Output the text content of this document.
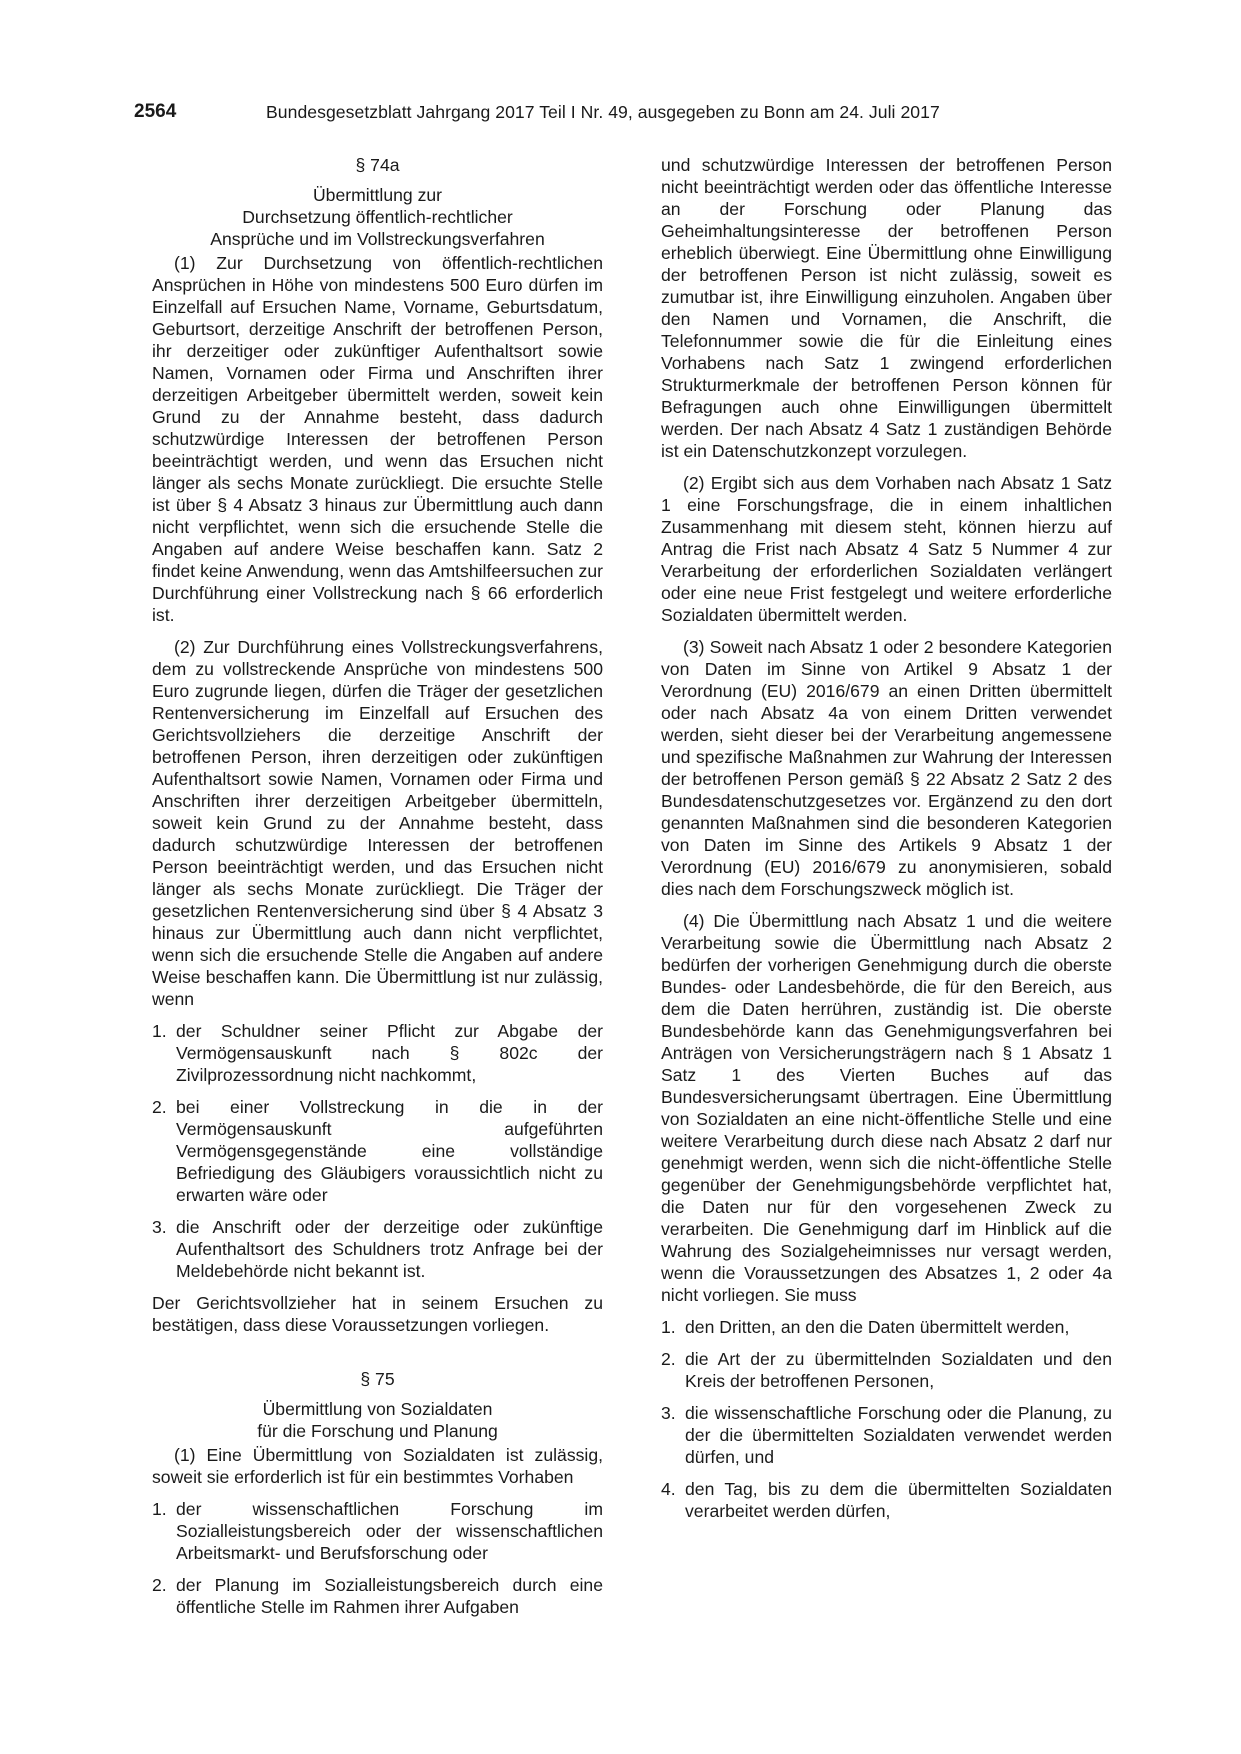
2564	Bundesgesetzblatt Jahrgang 2017 Teil I Nr. 49, ausgegeben zu Bonn am 24. Juli 2017
§ 74a
Übermittlung zur
Durchsetzung öffentlich-rechtlicher
Ansprüche und im Vollstreckungsverfahren

(1) Zur Durchsetzung von öffentlich-rechtlichen Ansprüchen in Höhe von mindestens 500 Euro dürfen im Einzelfall auf Ersuchen Name, Vorname, Geburtsdatum, Geburtsort, derzeitige Anschrift der betroffenen Person, ihr derzeitiger oder zukünftiger Aufenthaltsort sowie Namen, Vornamen oder Firma und Anschriften ihrer derzeitigen Arbeitgeber übermittelt werden, soweit kein Grund zu der Annahme besteht, dass dadurch schutzwürdige Interessen der betroffenen Person beeinträchtigt werden, und wenn das Ersuchen nicht länger als sechs Monate zurückliegt. Die ersuchte Stelle ist über § 4 Absatz 3 hinaus zur Übermittlung auch dann nicht verpflichtet, wenn sich die ersuchende Stelle die Angaben auf andere Weise beschaffen kann. Satz 2 findet keine Anwendung, wenn das Amtshilfeersuchen zur Durchführung einer Vollstreckung nach § 66 erforderlich ist.

(2) Zur Durchführung eines Vollstreckungsverfahrens, dem zu vollstreckende Ansprüche von mindestens 500 Euro zugrunde liegen, dürfen die Träger der gesetzlichen Rentenversicherung im Einzelfall auf Ersuchen des Gerichtsvollziehers die derzeitige Anschrift der betroffenen Person, ihren derzeitigen oder zukünftigen Aufenthaltsort sowie Namen, Vornamen oder Firma und Anschriften ihrer derzeitigen Arbeitgeber übermitteln, soweit kein Grund zu der Annahme besteht, dass dadurch schutzwürdige Interessen der betroffenen Person beeinträchtigt werden, und das Ersuchen nicht länger als sechs Monate zurückliegt. Die Träger der gesetzlichen Rentenversicherung sind über § 4 Absatz 3 hinaus zur Übermittlung auch dann nicht verpflichtet, wenn sich die ersuchende Stelle die Angaben auf andere Weise beschaffen kann. Die Übermittlung ist nur zulässig, wenn

1. der Schuldner seiner Pflicht zur Abgabe der Vermögensauskunft nach § 802c der Zivilprozessordnung nicht nachkommt,
2. bei einer Vollstreckung in die in der Vermögensauskunft aufgeführten Vermögensgegenstände eine vollständige Befriedigung des Gläubigers voraussichtlich nicht zu erwarten wäre oder
3. die Anschrift oder der derzeitige oder zukünftige Aufenthaltsort des Schuldners trotz Anfrage bei der Meldebehörde nicht bekannt ist.

Der Gerichtsvollzieher hat in seinem Ersuchen zu bestätigen, dass diese Voraussetzungen vorliegen.

§ 75
Übermittlung von Sozialdaten
für die Forschung und Planung

(1) Eine Übermittlung von Sozialdaten ist zulässig, soweit sie erforderlich ist für ein bestimmtes Vorhaben

1. der wissenschaftlichen Forschung im Sozialleistungsbereich oder der wissenschaftlichen Arbeitsmarkt- und Berufsforschung oder
2. der Planung im Sozialleistungsbereich durch eine öffentliche Stelle im Rahmen ihrer Aufgaben

und schutzwürdige Interessen der betroffenen Person nicht beeinträchtigt werden oder das öffentliche Interesse an der Forschung oder Planung das Geheimhaltungsinteresse der betroffenen Person erheblich überwiegt. Eine Übermittlung ohne Einwilligung der betroffenen Person ist nicht zulässig, soweit es zumutbar ist, ihre Einwilligung einzuholen. Angaben über den Namen und Vornamen, die Anschrift, die Telefonnummer sowie die für die Einleitung eines Vorhabens nach Satz 1 zwingend erforderlichen Strukturmerkmale der betroffenen Person können für Befragungen auch ohne Einwilligungen übermittelt werden. Der nach Absatz 4 Satz 1 zuständigen Behörde ist ein Datenschutzkonzept vorzulegen.

(2) Ergibt sich aus dem Vorhaben nach Absatz 1 Satz 1 eine Forschungsfrage, die in einem inhaltlichen Zusammenhang mit diesem steht, können hierzu auf Antrag die Frist nach Absatz 4 Satz 5 Nummer 4 zur Verarbeitung der erforderlichen Sozialdaten verlängert oder eine neue Frist festgelegt und weitere erforderliche Sozialdaten übermittelt werden.

(3) Soweit nach Absatz 1 oder 2 besondere Kategorien von Daten im Sinne von Artikel 9 Absatz 1 der Verordnung (EU) 2016/679 an einen Dritten übermittelt oder nach Absatz 4a von einem Dritten verwendet werden, sieht dieser bei der Verarbeitung angemessene und spezifische Maßnahmen zur Wahrung der Interessen der betroffenen Person gemäß § 22 Absatz 2 Satz 2 des Bundesdatenschutzgesetzes vor. Ergänzend zu den dort genannten Maßnahmen sind die besonderen Kategorien von Daten im Sinne des Artikels 9 Absatz 1 der Verordnung (EU) 2016/679 zu anonymisieren, sobald dies nach dem Forschungszweck möglich ist.

(4) Die Übermittlung nach Absatz 1 und die weitere Verarbeitung sowie die Übermittlung nach Absatz 2 bedürfen der vorherigen Genehmigung durch die oberste Bundes- oder Landesbehörde, die für den Bereich, aus dem die Daten herrühren, zuständig ist. Die oberste Bundesbehörde kann das Genehmigungsverfahren bei Anträgen von Versicherungsträgern nach § 1 Absatz 1 Satz 1 des Vierten Buches auf das Bundesversicherungsamt übertragen. Eine Übermittlung von Sozialdaten an eine nicht-öffentliche Stelle und eine weitere Verarbeitung durch diese nach Absatz 2 darf nur genehmigt werden, wenn sich die nicht-öffentliche Stelle gegenüber der Genehmigungsbehörde verpflichtet hat, die Daten nur für den vorgesehenen Zweck zu verarbeiten. Die Genehmigung darf im Hinblick auf die Wahrung des Sozialgeheimnisses nur versagt werden, wenn die Voraussetzungen des Absatzes 1, 2 oder 4a nicht vorliegen. Sie muss

1. den Dritten, an den die Daten übermittelt werden,
2. die Art der zu übermittelnden Sozialdaten und den Kreis der betroffenen Personen,
3. die wissenschaftliche Forschung oder die Planung, zu der die übermittelten Sozialdaten verwendet werden dürfen, und
4. den Tag, bis zu dem die übermittelten Sozialdaten verarbeitet werden dürfen,
